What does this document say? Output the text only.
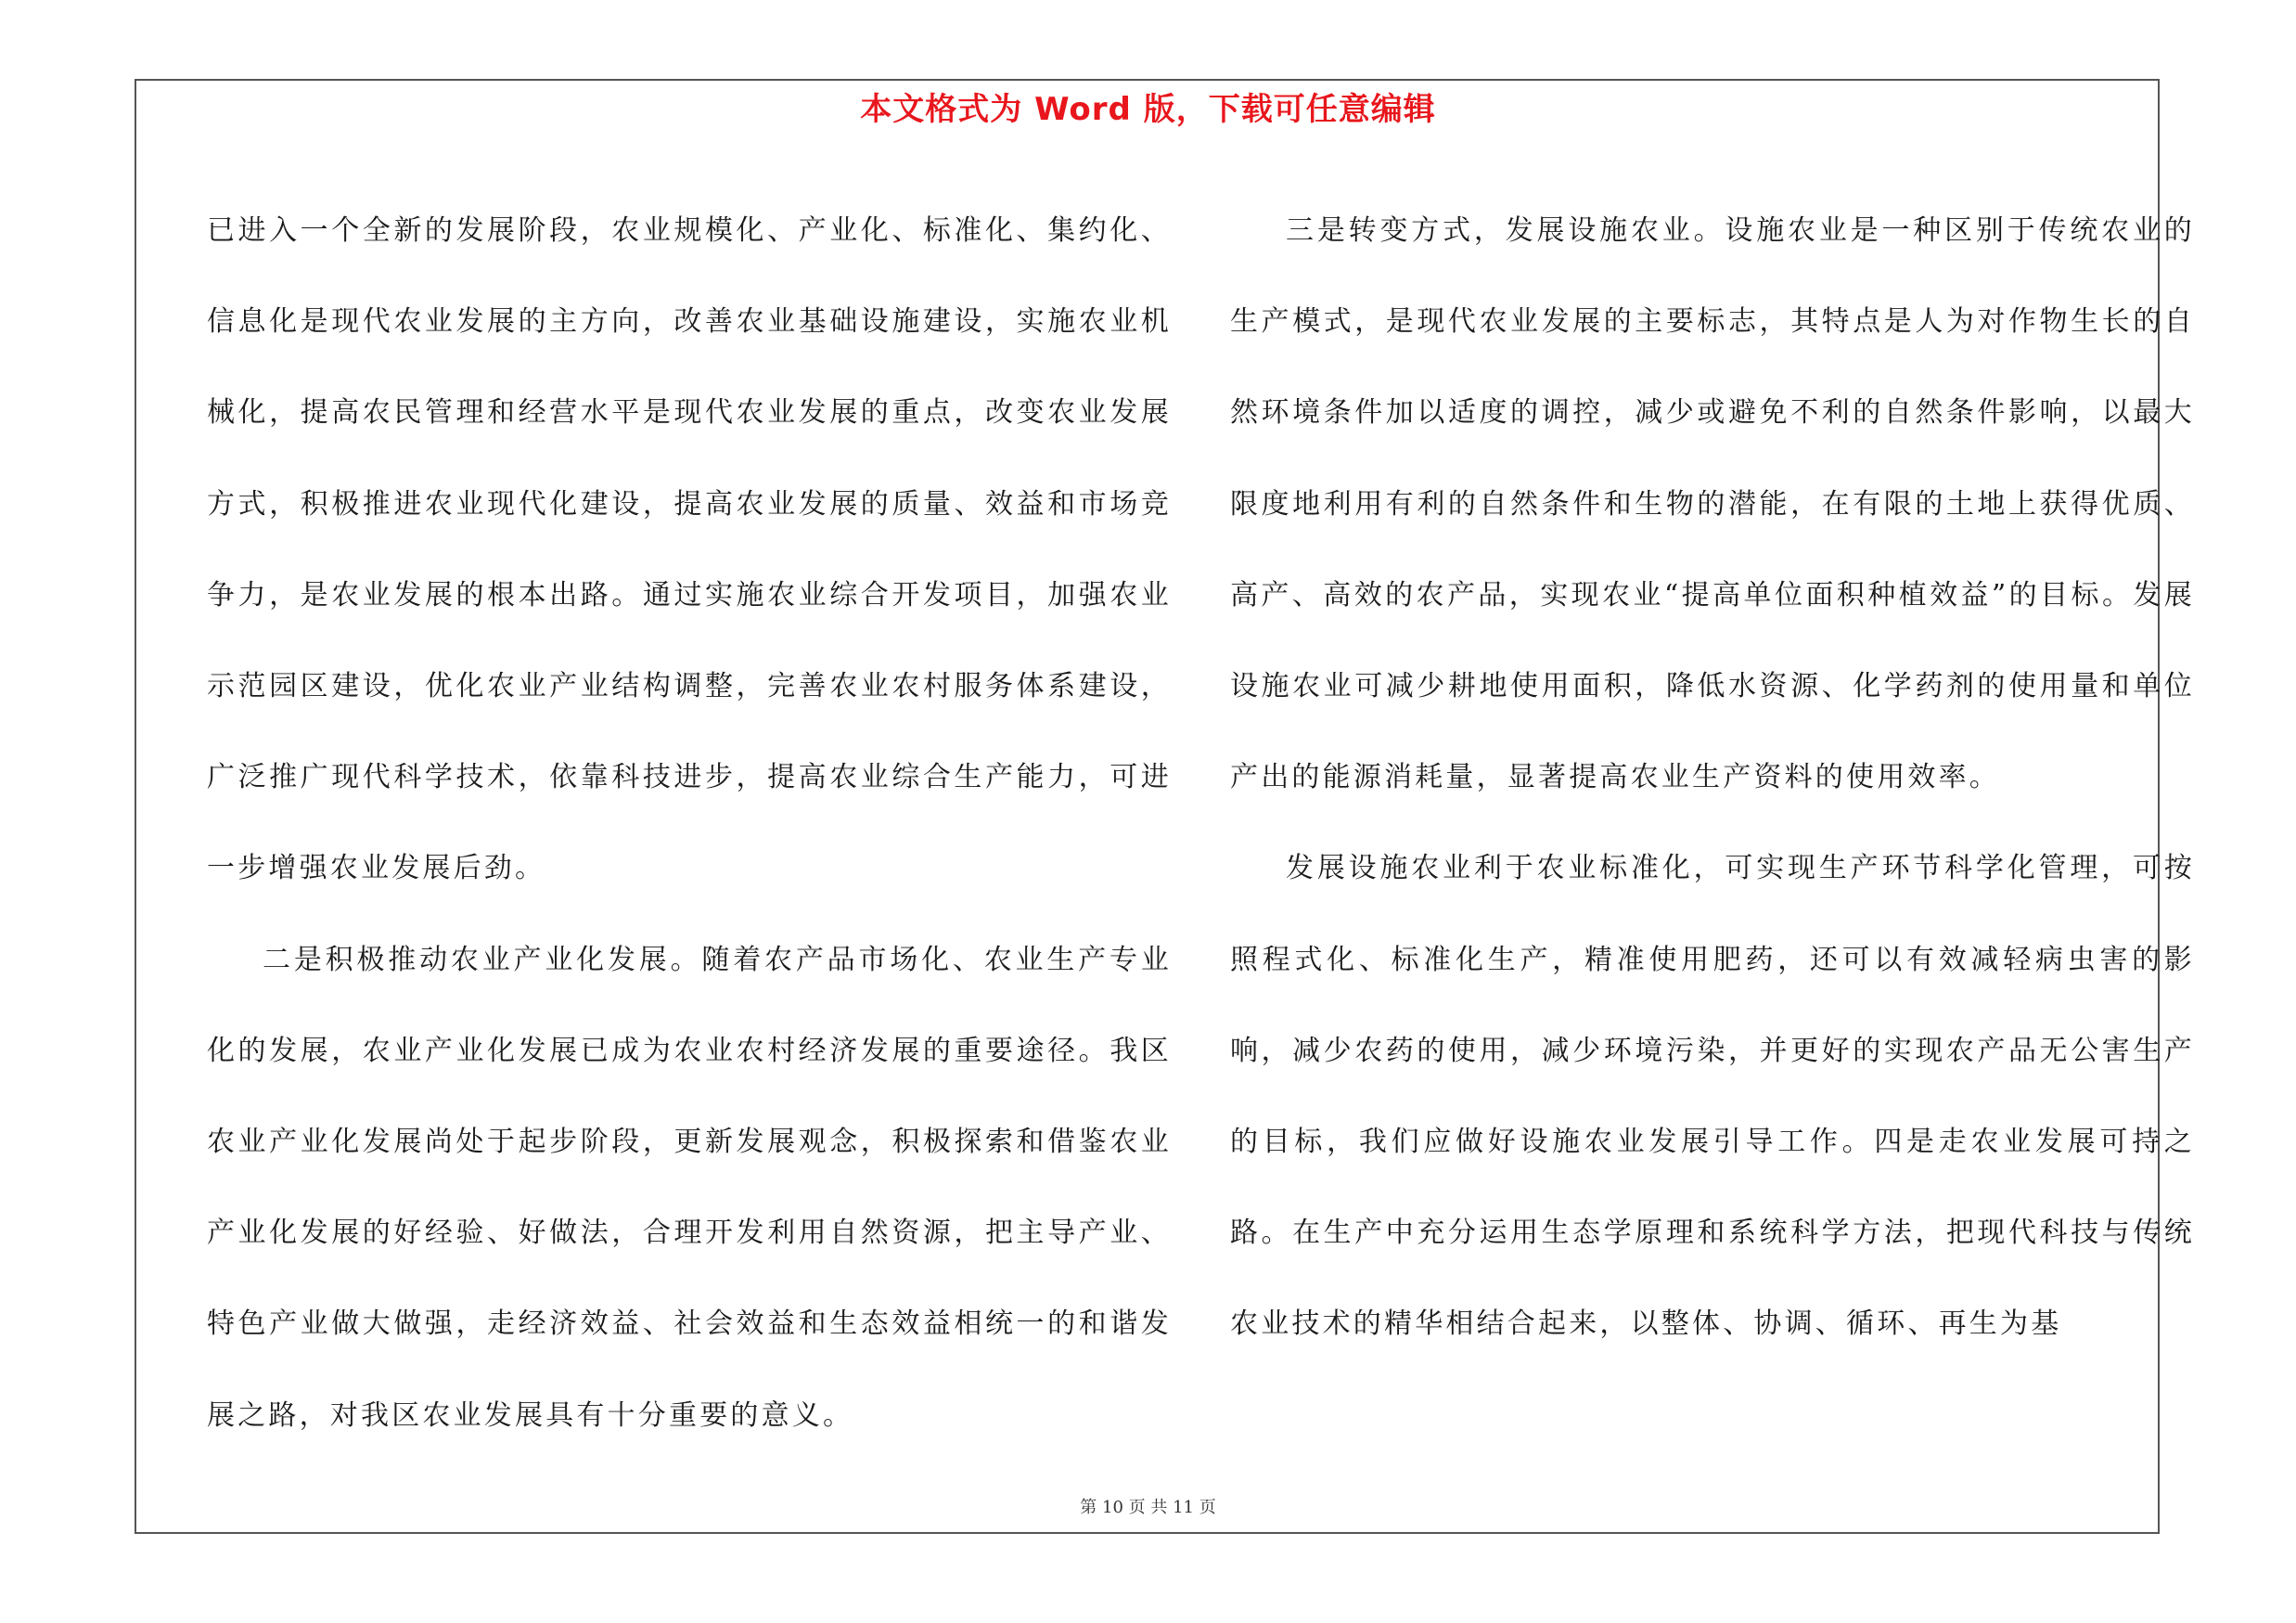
本文格式为 Word 版，下载可任意编辑

已进入一个全新的发展阶段，农业规模化、产业化、标准化、集约化、信息化是现代农业发展的主方向，改善农业基础设施建设，实施农业机械化，提高农民管理和经营水平是现代农业发展的重点，改变农业发展方式，积极推进农业现代化建设，提高农业发展的质量、效益和市场竞争力，是农业发展的根本出路。通过实施农业综合开发项目，加强农业示范园区建设，优化农业产业结构调整，完善农业农村服务体系建设，广泛推广现代科学技术，依靠科技进步，提高农业综合生产能力，可进一步增强农业发展后劲。

二是积极推动农业产业化发展。随着农产品市场化、农业生产专业化的发展，农业产业化发展已成为农业农村经济发展的重要途径。我区农业产业化发展尚处于起步阶段，更新发展观念，积极探索和借鉴农业产业化发展的好经验、好做法，合理开发利用自然资源，把主导产业、特色产业做大做强，走经济效益、社会效益和生态效益相统一的和谐发展之路，对我区农业发展具有十分重要的意义。

三是转变方式，发展设施农业。设施农业是一种区别于传统农业的生产模式，是现代农业发展的主要标志，其特点是人为对作物生长的自然环境条件加以适度的调控，减少或避免不利的自然条件影响，以最大限度地利用有利的自然条件和生物的潜能，在有限的土地上获得优质、高产、高效的农产品，实现农业“提高单位面积种植效益”的目标。发展设施农业可减少耕地使用面积，降低水资源、化学药剂的使用量和单位产出的能源消耗量，显著提高农业生产资料的使用效率。

发展设施农业利于农业标准化，可实现生产环节科学化管理，可按照程式化、标准化生产，精准使用肥药，还可以有效减轻病虫害的影响，减少农药的使用，减少环境污染，并更好的实现农产品无公害生产的目标，我们应做好设施农业发展引导工作。四是走农业发展可持之路。在生产中充分运用生态学原理和系统科学方法，把现代科技与传统农业技术的精华相结合起来，以整体、协调、循环、再生为基

第 10 页 共 11 页
